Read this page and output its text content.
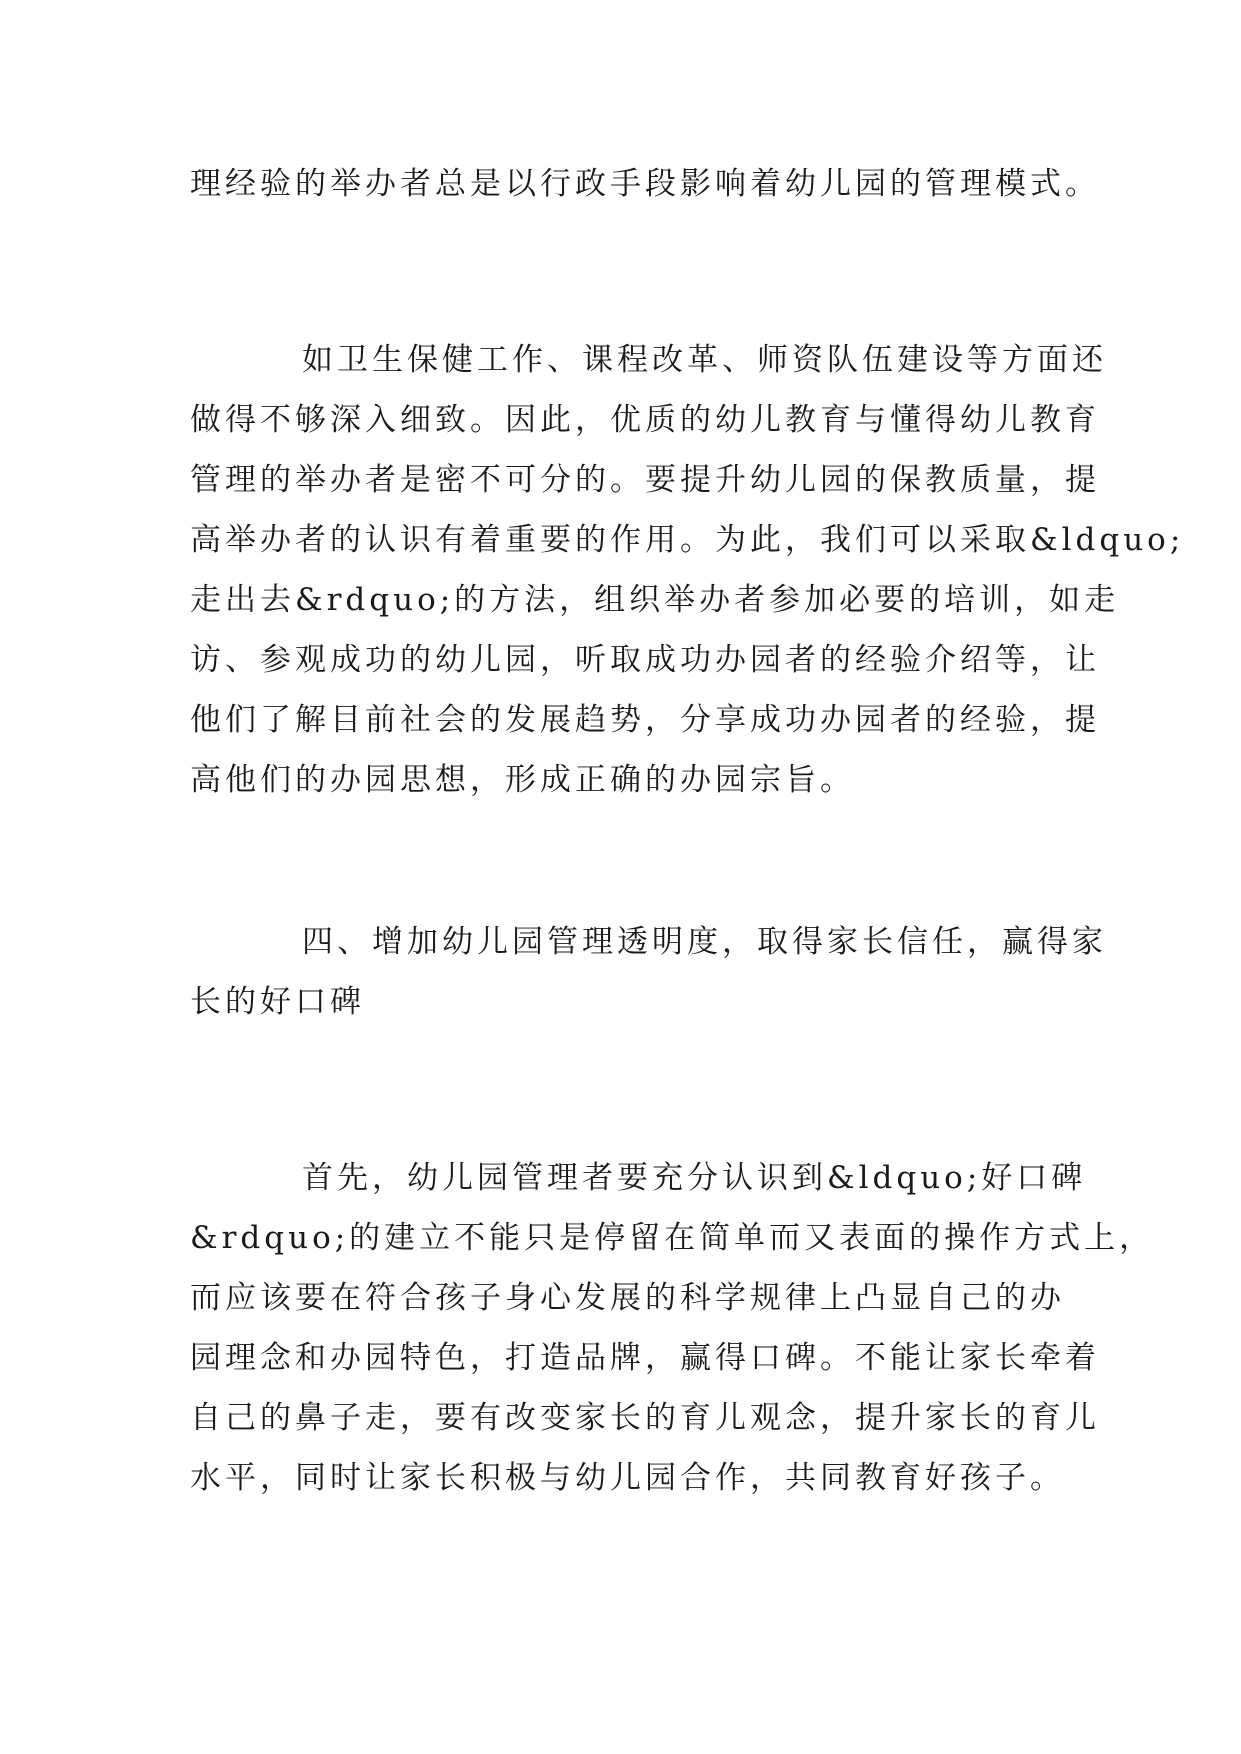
理经验的举办者总是以行政手段影响着幼儿园的管理模式。
如卫生保健工作、课程改革、师资队伍建设等方面还
做得不够深入细致。因此，优质的幼儿教育与懂得幼儿教育
管理的举办者是密不可分的。要提升幼儿园的保教质量，提
高举办者的认识有着重要的作用。为此，我们可以采取&ldquo;
走出去&rdquo;的方法，组织举办者参加必要的培训，如走
访、参观成功的幼儿园，听取成功办园者的经验介绍等，让
他们了解目前社会的发展趋势，分享成功办园者的经验，提
高他们的办园思想，形成正确的办园宗旨。
四、增加幼儿园管理透明度，取得家长信任，赢得家
长的好口碑
首先，幼儿园管理者要充分认识到&ldquo;好口碑
&rdquo;的建立不能只是停留在简单而又表面的操作方式上，
而应该要在符合孩子身心发展的科学规律上凸显自己的办
园理念和办园特色，打造品牌，赢得口碑。不能让家长牵着
自己的鼻子走，要有改变家长的育儿观念，提升家长的育儿
水平，同时让家长积极与幼儿园合作，共同教育好孩子。
